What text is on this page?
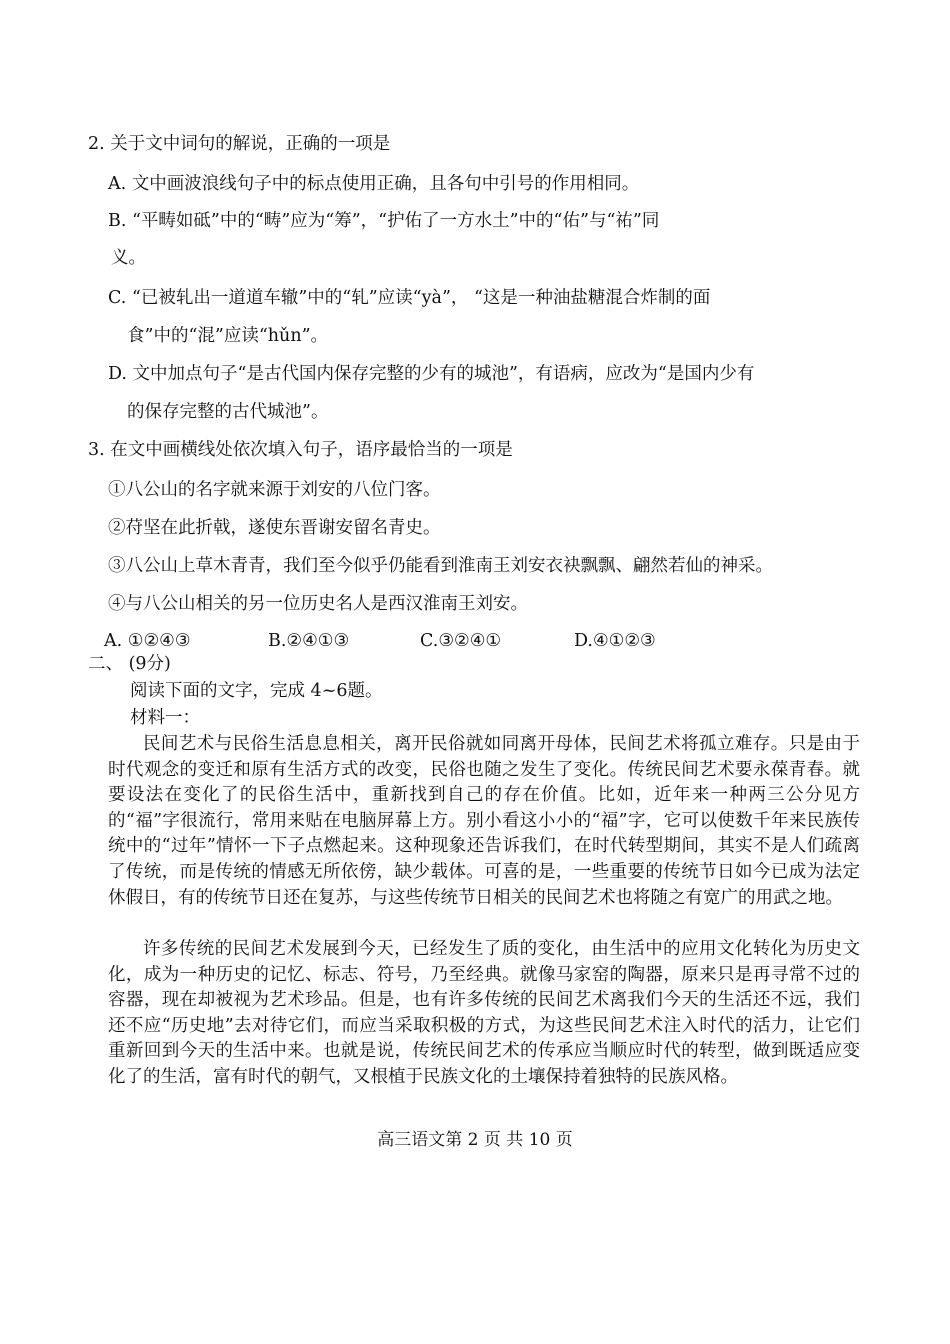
2. 关于文中词句的解说，正确的一项是
A. 文中画波浪线句子中的标点使用正确，且各句中引号的作用相同。
B. “平畴如砥”中的“畴”应为“筹”，“护佑了一方水土”中的“佑”与“祐”同
义。
C. “已被轧出一道道车辙”中的“轧”应读“yà”， “这是一种油盐糖混合炸制的面
食”中的“混”应读“hǔn”。
D. 文中加点句子“是古代国内保存完整的少有的城池”，有语病，应改为“是国内少有
的保存完整的古代城池”。
3. 在文中画横线处依次填入句子，语序最恰当的一项是
①八公山的名字就来源于刘安的八位门客。
②苻坚在此折戟，遂使东晋谢安留名青史。
③八公山上草木青青，我们至今似乎仍能看到淮南王刘安衣袂飘飘、翩然若仙的神采。
④与八公山相关的另一位历史名人是西汉淮南王刘安。
A. ①②④③	B.②④①③	C.③②④①	D.④①②③
二、 (9分)
阅读下面的文字，完成 4~6题。
材料一：
民间艺术与民俗生活息息相关，离开民俗就如同离开母体，民间艺术将孤立难存。只是由于时代观念的变迁和原有生活方式的改变，民俗也随之发生了变化。传统民间艺术要永葆青春。就要设法在变化了的民俗生活中，重新找到自己的存在价值。比如，近年来一种两三公分见方的“福”字很流行，常用来贴在电脑屏幕上方。别小看这小小的“福”字，它可以使数千年来民族传统中的“过年”情怀一下子点燃起来。这种现象还告诉我们，在时代转型期间，其实不是人们疏离了传统，而是传统的情感无所依傍，缺少载体。可喜的是，一些重要的传统节日如今已成为法定休假日，有的传统节日还在复苏，与这些传统节日相关的民间艺术也将随之有宽广的用武之地。
许多传统的民间艺术发展到今天，已经发生了质的变化，由生活中的应用文化转化为历史文化，成为一种历史的记忆、标志、符号，乃至经典。就像马家窑的陶器，原来只是再寻常不过的容器，现在却被视为艺术珍品。但是，也有许多传统的民间艺术离我们今天的生活还不远，我们还不应“历史地”去对待它们，而应当采取积极的方式，为这些民间艺术注入时代的活力，让它们重新回到今天的生活中来。也就是说，传统民间艺术的传承应当顺应时代的转型，做到既适应变化了的生活，富有时代的朝气，又根植于民族文化的土壤保持着独特的民族风格。
高三语文第 2 页 共 10 页
